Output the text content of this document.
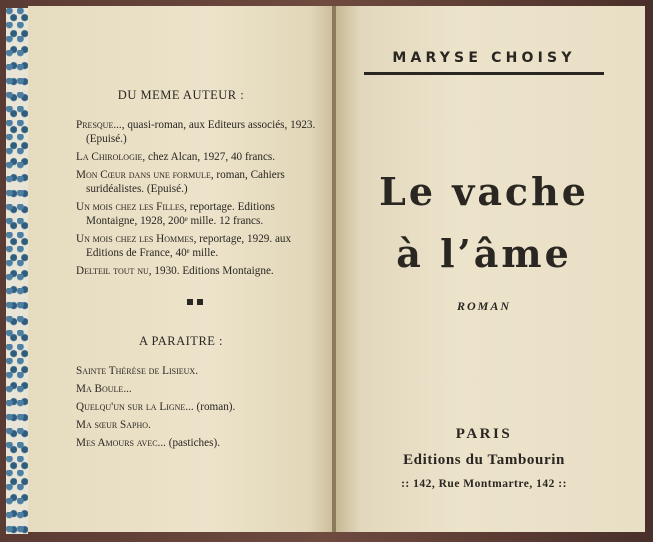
DU MEME AUTEUR :

Presque..., quasi-roman, aux Editeurs associés, 1923. (Epuisé.)

La Chirologie, chez Alcan, 1927, 40 francs.

Mon Cœur dans une formule, roman, Cahiers suridéalistes. (Epuisé.)

Un mois chez les Filles, reportage. Editions Montaigne, 1928, 200ᵉ mille. 12 francs.

Un mois chez les Hommes, reportage, 1929. aux Editions de France, 40ᵉ mille.

Delteil tout nu, 1930. Editions Montaigne.

A PARAITRE :

Sainte Thérèse de Lisieux.

Ma Boule...

Quelqu'un sur la Ligne... (roman).

Ma sœur Sapho.

Mes Amours avec... (pastiches).

MARYSE CHOISY
Le vache
à l’âme
ROMAN
PARIS
Editions du Tambourin
:: 142, Rue Montmartre, 142 ::
